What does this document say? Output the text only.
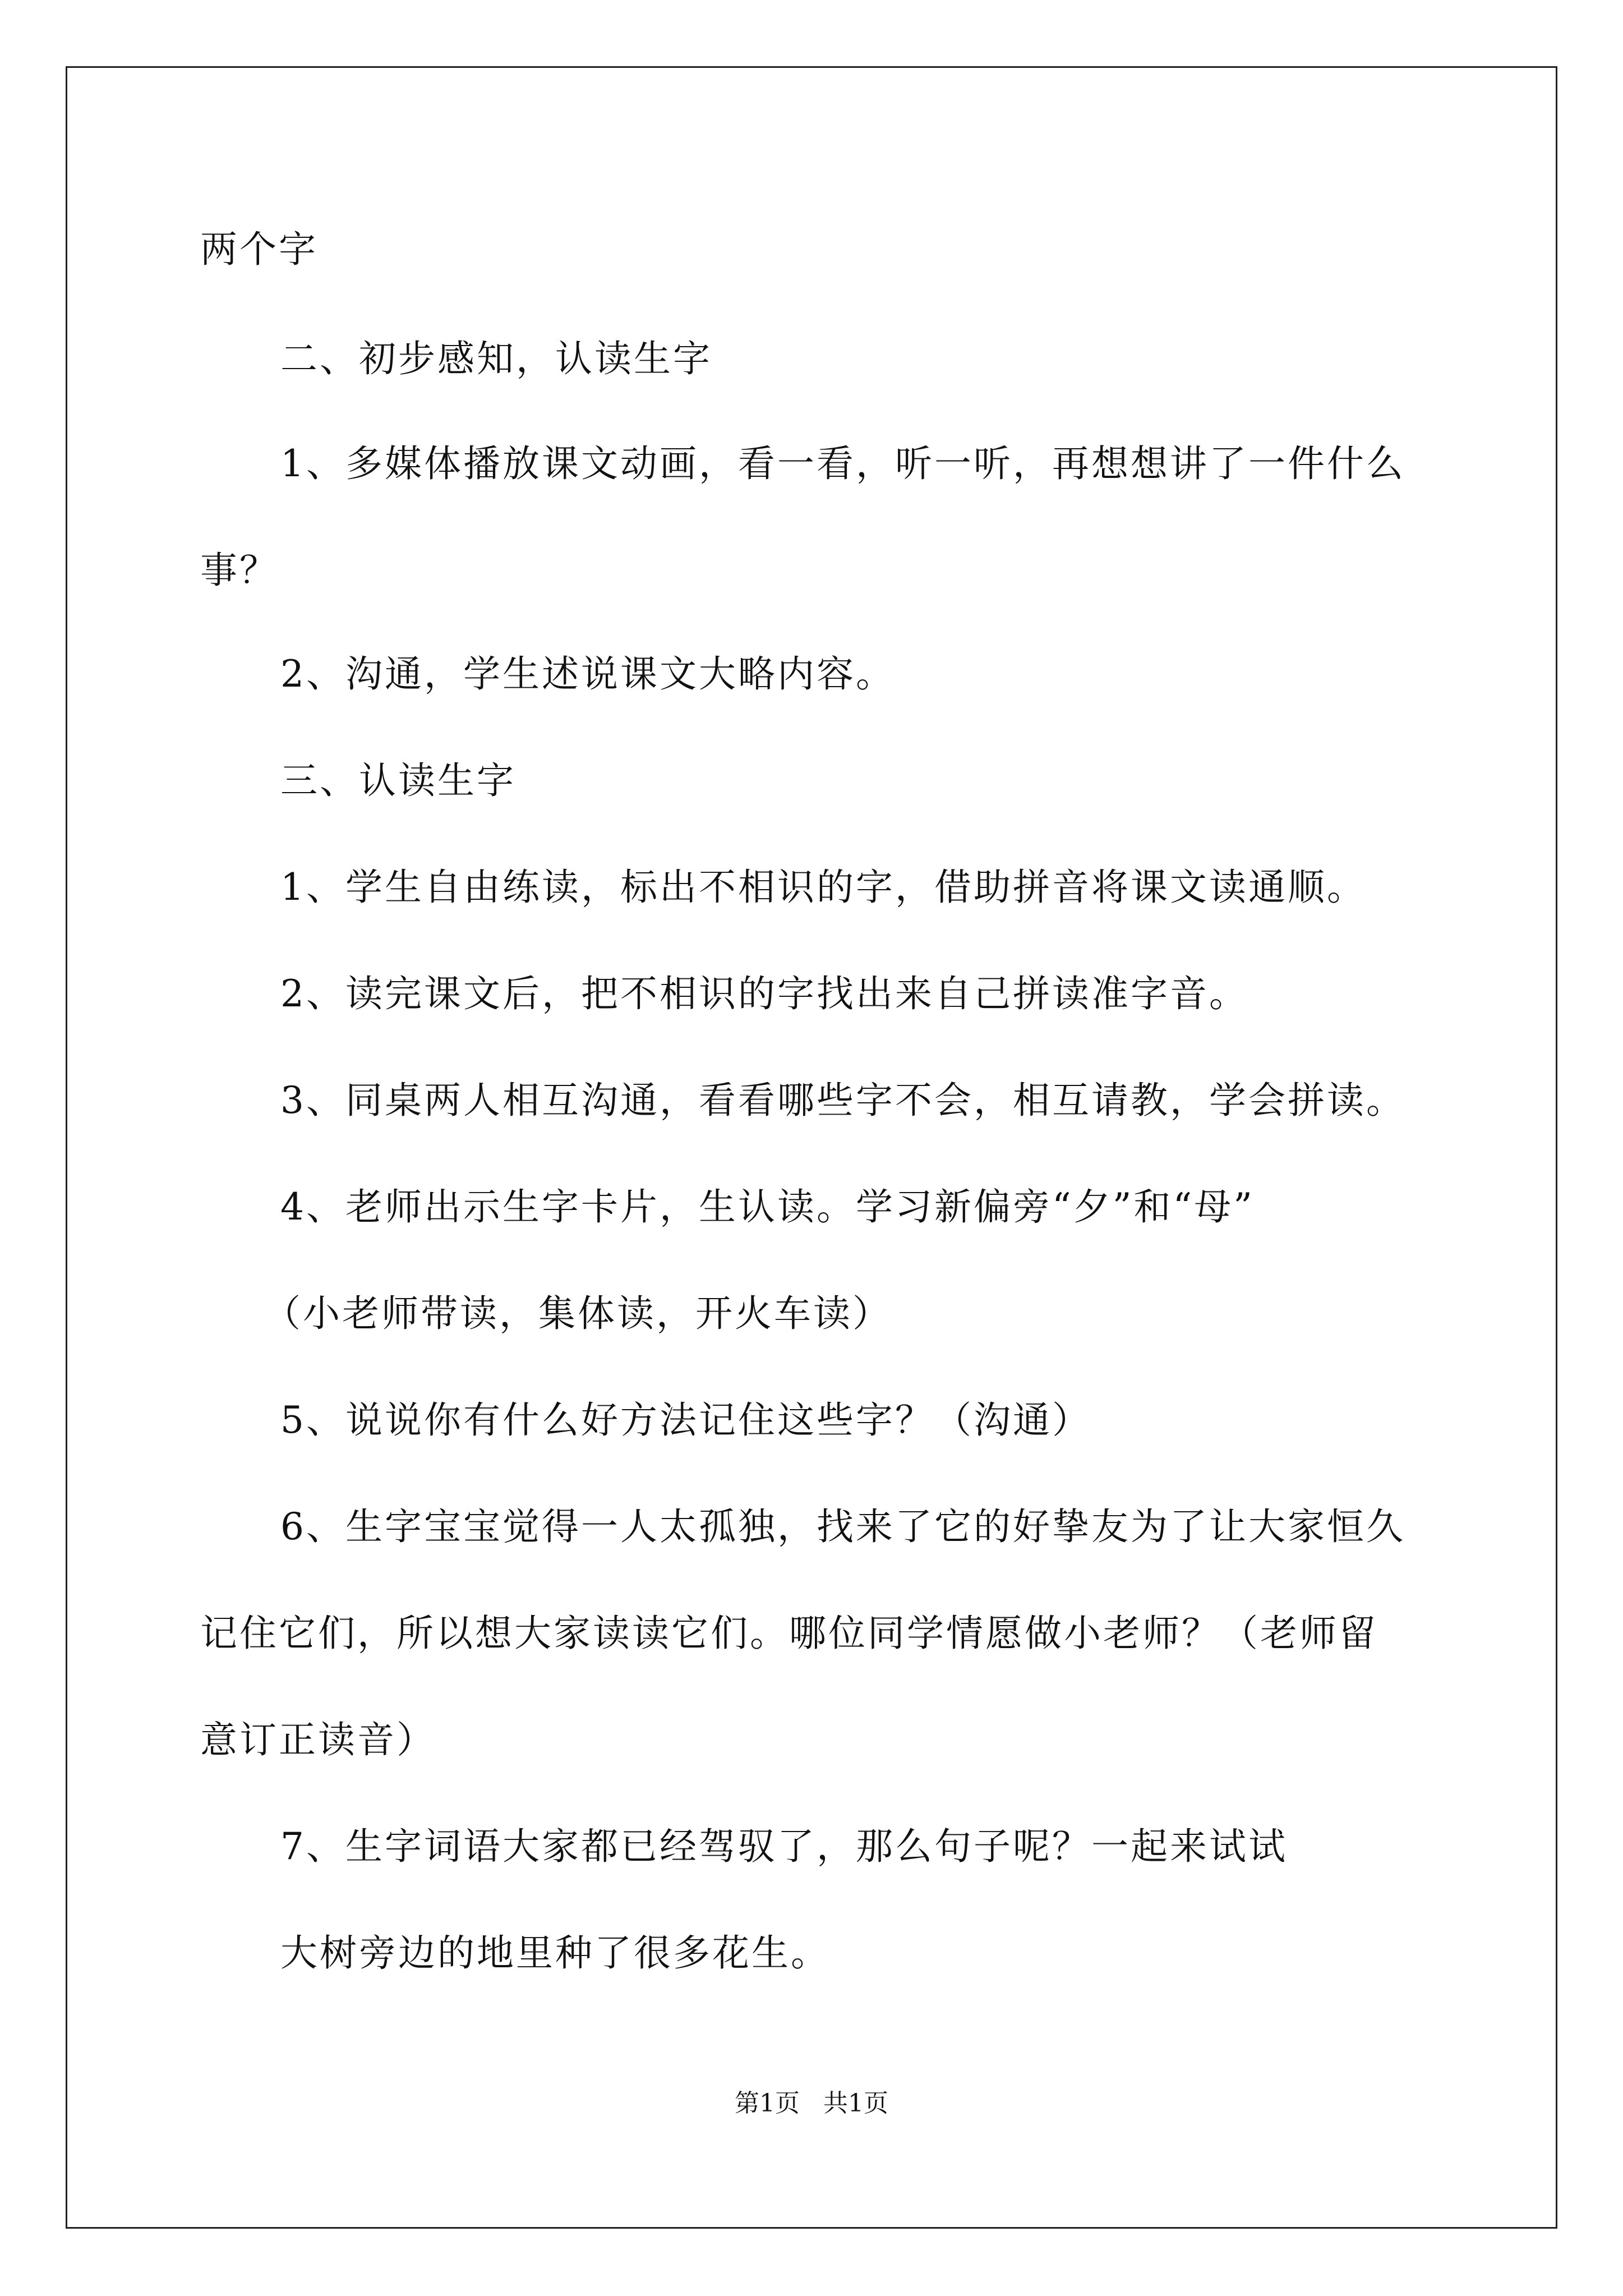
两个字
二、初步感知，认读生字
1、多媒体播放课文动画，看一看，听一听，再想想讲了一件什么
事？
2、沟通，学生述说课文大略内容。
三、认读生字
1、学生自由练读，标出不相识的字，借助拼音将课文读通顺。
2、读完课文后，把不相识的字找出来自己拼读准字音。
3、同桌两人相互沟通，看看哪些字不会，相互请教，学会拼读。
4、老师出示生字卡片，生认读。学习新偏旁“夕”和“母”
（小老师带读，集体读，开火车读）
5、说说你有什么好方法记住这些字？（沟通）
6、生字宝宝觉得一人太孤独，找来了它的好挚友为了让大家恒久
记住它们，所以想大家读读它们。哪位同学情愿做小老师？（老师留
意订正读音）
7、生字词语大家都已经驾驭了，那么句子呢？一起来试试
大树旁边的地里种了很多花生。
第1页   共1页
